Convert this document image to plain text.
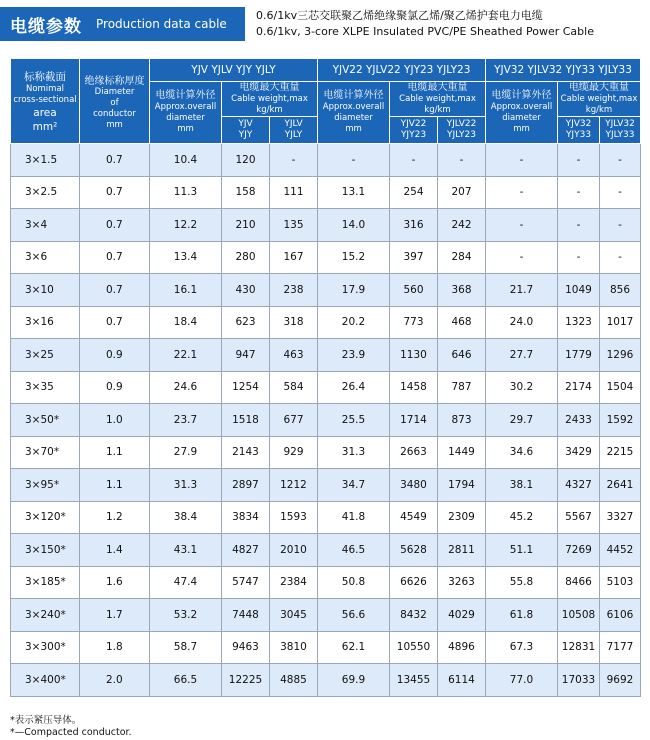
电缆参数	Production data cable
0.6/1kv三芯交联聚乙烯绝缘聚氯乙烯/聚乙烯护套电力电缆
0.6/1kv, 3-core XLPE Insulated PVC/PE Sheathed Power Cable
标称截面
Nomimal
cross-sectional
area
mm²	绝缘标称厚度
Diameter
of
conductor
mm	YJV YJLV YJY YJLY			YJV22 YJLV22 YJY23 YJLY23			YJV32 YJLV32 YJY33 YJLY33		

		电缆计算外径
Approx.overall
diameter
mm	电缆最大重量
Cable weight,max
kg/km		电缆计算外径
Approx.overall
diameter
mm	电缆最大重量
Cable weight,max
kg/km		电缆计算外径
Approx.overall
diameter
mm	电缆最大重量
Cable weight,max
kg/km	

			YJV
YJY	YJLV
YJLY		YJV22
YJY23	YJLV22
YJLY23		YJV32
YJY33	YJLV32
YJLY33
3×1.5	0.7	10.4	120	-	-	-	-	-	-	-
3×2.5	0.7	11.3	158	111	13.1	254	207	-	-	-
3×4	0.7	12.2	210	135	14.0	316	242	-	-	-
3×6	0.7	13.4	280	167	15.2	397	284	-	-	-
3×10	0.7	16.1	430	238	17.9	560	368	21.7	1049	856
3×16	0.7	18.4	623	318	20.2	773	468	24.0	1323	1017
3×25	0.9	22.1	947	463	23.9	1130	646	27.7	1779	1296
3×35	0.9	24.6	1254	584	26.4	1458	787	30.2	2174	1504
3×50*	1.0	23.7	1518	677	25.5	1714	873	29.7	2433	1592
3×70*	1.1	27.9	2143	929	31.3	2663	1449	34.6	3429	2215
3×95*	1.1	31.3	2897	1212	34.7	3480	1794	38.1	4327	2641
3×120*	1.2	38.4	3834	1593	41.8	4549	2309	45.2	5567	3327
3×150*	1.4	43.1	4827	2010	46.5	5628	2811	51.1	7269	4452
3×185*	1.6	47.4	5747	2384	50.8	6626	3263	55.8	8466	5103
3×240*	1.7	53.2	7448	3045	56.6	8432	4029	61.8	10508	6106
3×300*	1.8	58.7	9463	3810	62.1	10550	4896	67.3	12831	7177
3×400*	2.0	66.5	12225	4885	69.9	13455	6114	77.0	17033	9692
*表示紧压导体。
*—Compacted conductor.
